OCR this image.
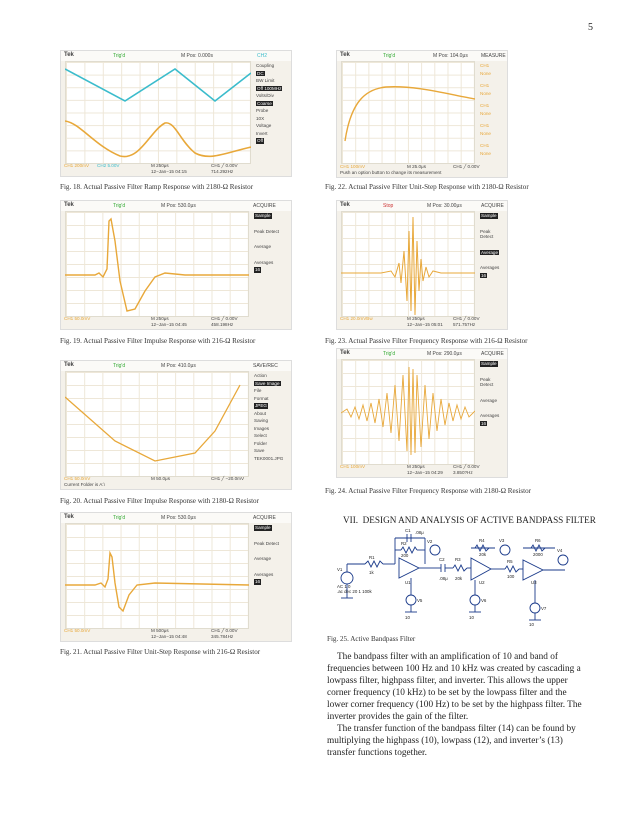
5
Tek	Trig'd	M Pos: 0.000s	CH2
Coupling
DC
BW Limit
Off 100MHz
Volts/Div
Coarse
Probe
10X
Voltage
Invert
Off
CH1 200mV CH2 5.00V	M 250μs
12−Jan−15 04:15
CH1 ╱ 0.00V
714.292Hz
Fig. 18. Actual Passive Filter Ramp Response with 2180-Ω Resistor
Tek	Trig'd	M Pos: 530.0μs	ACQUIRE
Sample
Peak Detect
Average
Averages
16
CH1 50.0mV	M 250μs
12−Jan−15 04:45
CH1 ╱ 0.00V
458.198Hz
Fig. 19. Actual Passive Filter Impulse Response with 216-Ω Resistor
Tek	Trig'd	M Pos: 410.0μs	SAVE/REC
Action
Save Image
File
Format
JPEG
About
Saving
Images
Select
Folder
Save
TEK0001.JPG
CH1 50.0mV
Current Folder is A:\
M 50.0μs	CH1 ╱ −20.0mV
Fig. 20. Actual Passive Filter Impulse Response with 2180-Ω Resistor
Tek	Trig'd	M Pos: 530.0μs	ACQUIRE
Sample
Peak Detect
Average
Averages
16
CH1 50.0mV	M 500μs
12−Jan−15 04:48
CH1 ╱ 0.00V
345.784Hz
Fig. 21. Actual Passive Filter Unit-Step Response with 216-Ω Resistor
Tek	Trig'd	M Pos: 104.0μs	MEASURE
CH1
None
CH1
None
CH1
None
CH1
None
CH1
None
CH1 100mV
Push an option button to change its measurement
M 25.0μs	CH1 ╱ 0.00V
Fig. 22. Actual Passive Filter Unit-Step Response with 2180-Ω Resistor
Tek	Stop	M Pos: 30.00μs	ACQUIRE
Sample
Peak Detect
Average
Averages
16
CH1 20.0mVBw	M 250μs
12−Jan−15 05:01
CH1 ╱ 0.00V
571.757Hz
Fig. 23. Actual Passive Filter Frequency Response with 216-Ω Resistor
Tek	Trig'd	M Pos: 290.0μs	ACQUIRE
Sample
Peak Detect
Average
Averages
16
CH1 100mV	M 250μs
12−Jan−15 04:29
CH1 ╱ 0.00V
3.850?Hz
Fig. 24. Actual Passive Filter Frequency Response with 2180-Ω Resistor
VII. DESIGN AND ANALYSIS OF ACTIVE BANDPASS FILTER
V1
AC 1 0
.ac dec 20 1 100k
R1
1k
C1 .08μ
R2
200
V2
C2 R3
.08μ 20k
U1	U2	U3
R4
20k
V3
R5
100
R6
2000
V4
V5	V6
V7
10	10
10
Fig. 25. Active Bandpass Filter

The bandpass filter with an amplification of 10 and band of frequencies between 100 Hz and 10 kHz was created by cascading a lowpass filter, highpass filter, and inverter. This allows the upper corner frequency (10 kHz) to be set by the lowpass filter and the lower corner frequency (100 Hz) to be set by the highpass filter. The inverter provides the gain of the filter.

The transfer function of the bandpass filter (14) can be found by multiplying the highpass (10), lowpass (12), and inverter’s (13) transfer functions together.
